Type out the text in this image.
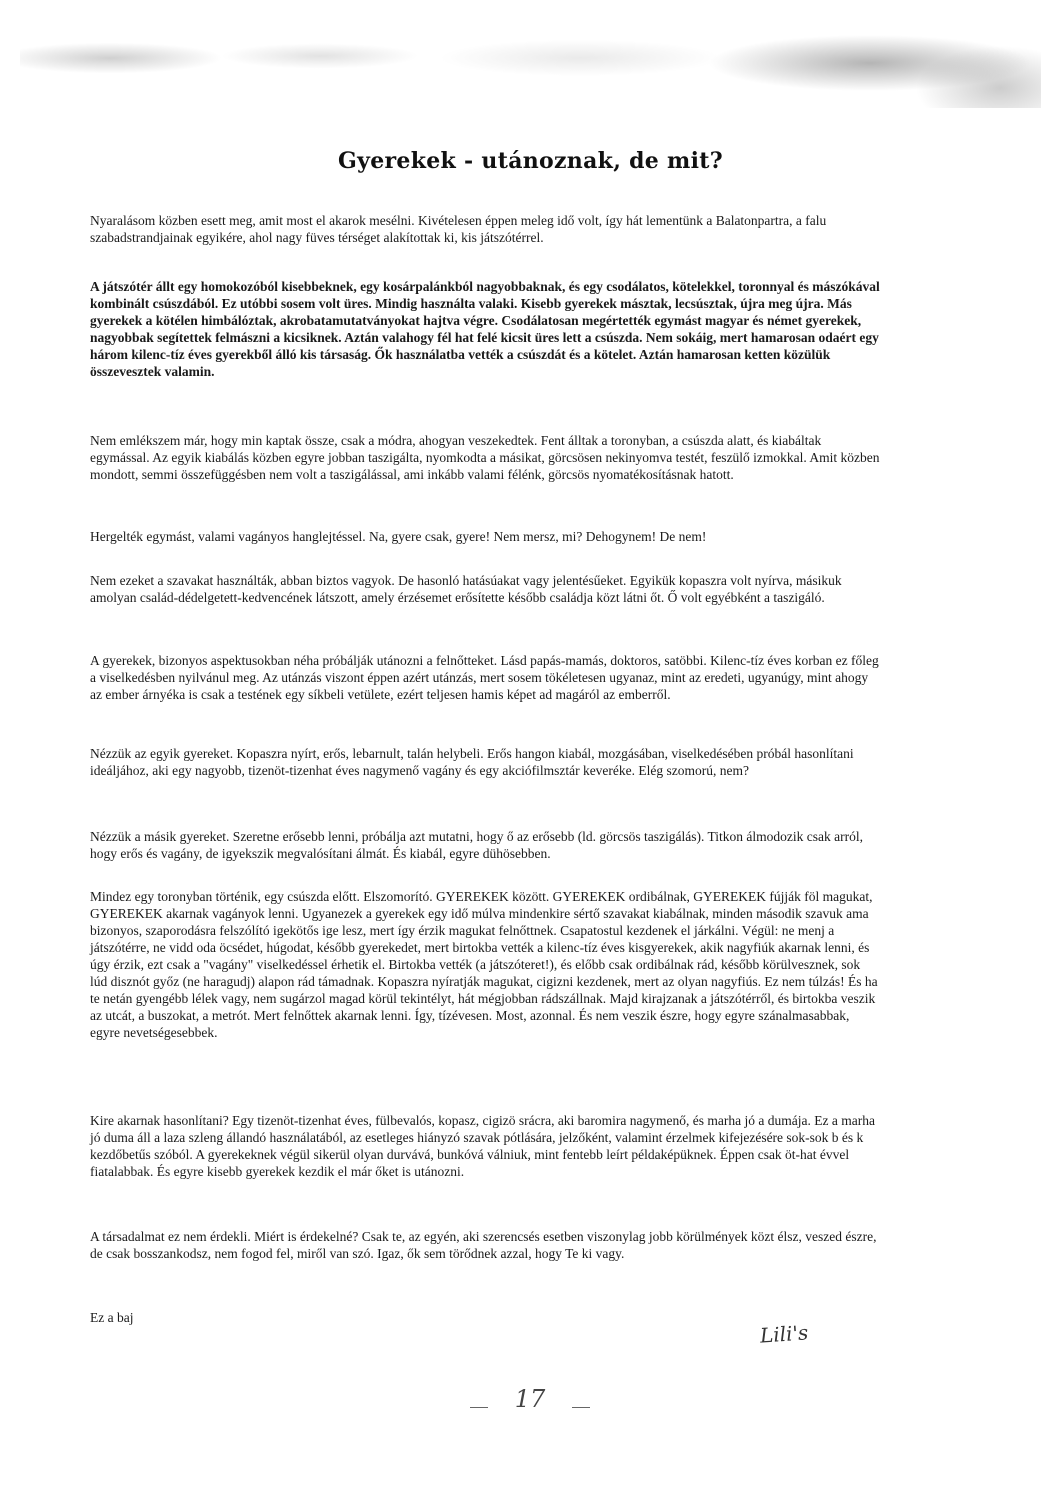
Gyerekek - utánoznak, de mit?

Nyaralásom közben esett meg, amit most el akarok mesélni. Kivételesen éppen meleg idő volt, így hát lementünk a Balatonpartra, a falu szabadstrandjainak egyikére, ahol nagy füves térséget alakítottak ki, kis játszótérrel.

A játszótér állt egy homokozóból kisebbeknek, egy kosárpalánkból nagyobbaknak, és egy csodálatos, kötelekkel, toronnyal és mászókával kombinált csúszdából. Ez utóbbi sosem volt üres. Mindig használta valaki. Kisebb gyerekek másztak, lecsúsztak, újra meg újra. Más gyerekek a kötélen himbálóztak, akrobatamutatványokat hajtva végre. Csodálatosan megértették egymást magyar és német gyerekek, nagyobbak segítettek felmászni a kicsiknek. Aztán valahogy fél hat felé kicsit üres lett a csúszda. Nem sokáig, mert hamarosan odaért egy három kilenc-tíz éves gyerekből álló kis társaság. Ők használatba vették a csúszdát és a kötelet. Aztán hamarosan ketten közülük összevesztek valamin.

Nem emlékszem már, hogy min kaptak össze, csak a módra, ahogyan veszekedtek. Fent álltak a toronyban, a csúszda alatt, és kiabáltak egymással. Az egyik kiabálás közben egyre jobban taszigálta, nyomkodta a másikat, görcsösen nekinyomva testét, feszülő izmokkal. Amit közben mondott, semmi összefüggésben nem volt a taszigálással, ami inkább valami félénk, görcsös nyomatékosításnak hatott.

Hergelték egymást, valami vagányos hanglejtéssel. Na, gyere csak, gyere! Nem mersz, mi? Dehogynem! De nem!

Nem ezeket a szavakat használták, abban biztos vagyok. De hasonló hatásúakat vagy jelentésűeket. Egyikük kopaszra volt nyírva, másikuk amolyan család-dédelgetett-kedvencének látszott, amely érzésemet erősítette később családja közt látni őt. Ő volt egyébként a taszigáló.

A gyerekek, bizonyos aspektusokban néha próbálják utánozni a felnőtteket. Lásd papás-mamás, doktoros, satöbbi. Kilenc-tíz éves korban ez főleg a viselkedésben nyilvánul meg. Az utánzás viszont éppen azért utánzás, mert sosem tökéletesen ugyanaz, mint az eredeti, ugyanúgy, mint ahogy az ember árnyéka is csak a testének egy síkbeli vetülete, ezért teljesen hamis képet ad magáról az emberről.

Nézzük az egyik gyereket. Kopaszra nyírt, erős, lebarnult, talán helybeli. Erős hangon kiabál, mozgásában, viselkedésében próbál hasonlítani ideáljához, aki egy nagyobb, tizenöt-tizenhat éves nagymenő vagány és egy akciófilmsztár keveréke. Elég szomorú, nem?

Nézzük a másik gyereket. Szeretne erősebb lenni, próbálja azt mutatni, hogy ő az erősebb (ld. görcsös taszigálás). Titkon álmodozik csak arról, hogy erős és vagány, de igyekszik megvalósítani álmát. És kiabál, egyre dühösebben.

Mindez egy toronyban történik, egy csúszda előtt. Elszomorító. GYEREKEK között. GYEREKEK ordibálnak, GYEREKEK fújják föl magukat, GYEREKEK akarnak vagányok lenni. Ugyanezek a gyerekek egy idő múlva mindenkire sértő szavakat kiabálnak, minden második szavuk ama bizonyos, szaporodásra felszólító igekötős ige lesz, mert így érzik magukat felnőttnek. Csapatostul kezdenek el járkálni. Végül: ne menj a játszótérre, ne vidd oda öcsédet, húgodat, később gyerekedet, mert birtokba vették a kilenc-tíz éves kisgyerekek, akik nagyfiúk akarnak lenni, és úgy érzik, ezt csak a "vagány" viselkedéssel érhetik el. Birtokba vették (a játszóteret!), és előbb csak ordibálnak rád, később körülvesznek, sok lúd disznót győz (ne haragudj) alapon rád támadnak. Kopaszra nyíratják magukat, cigizni kezdenek, mert az olyan nagyfiús. Ez nem túlzás! És ha te netán gyengébb lélek vagy, nem sugárzol magad körül tekintélyt, hát mégjobban rádszállnak. Majd kirajzanak a játszótérről, és birtokba veszik az utcát, a buszokat, a metrót. Mert felnőttek akarnak lenni. Így, tízévesen. Most, azonnal. És nem veszik észre, hogy egyre szánalmasabbak, egyre nevetségesebbek.

Kire akarnak hasonlítani? Egy tizenöt-tizenhat éves, fülbevalós, kopasz, cigizö srácra, aki baromira nagymenő, és marha jó a dumája. Ez a marha jó duma áll a laza szleng állandó használatából, az esetleges hiányzó szavak pótlására, jelzőként, valamint érzelmek kifejezésére sok-sok b és k kezdőbetűs szóból. A gyerekeknek végül sikerül olyan durvává, bunkóvá válniuk, mint fentebb leírt példaképüknek. Éppen csak öt-hat évvel fiatalabbak. És egyre kisebb gyerekek kezdik el már őket is utánozni.

A társadalmat ez nem érdekli. Miért is érdekelné? Csak te, az egyén, aki szerencsés esetben viszonylag jobb körülmények közt élsz, veszed észre, de csak bosszankodsz, nem fogod fel, miről van szó. Igaz, ők sem törődnek azzal, hogy Te ki vagy.

Ez a baj
Lili's
17
